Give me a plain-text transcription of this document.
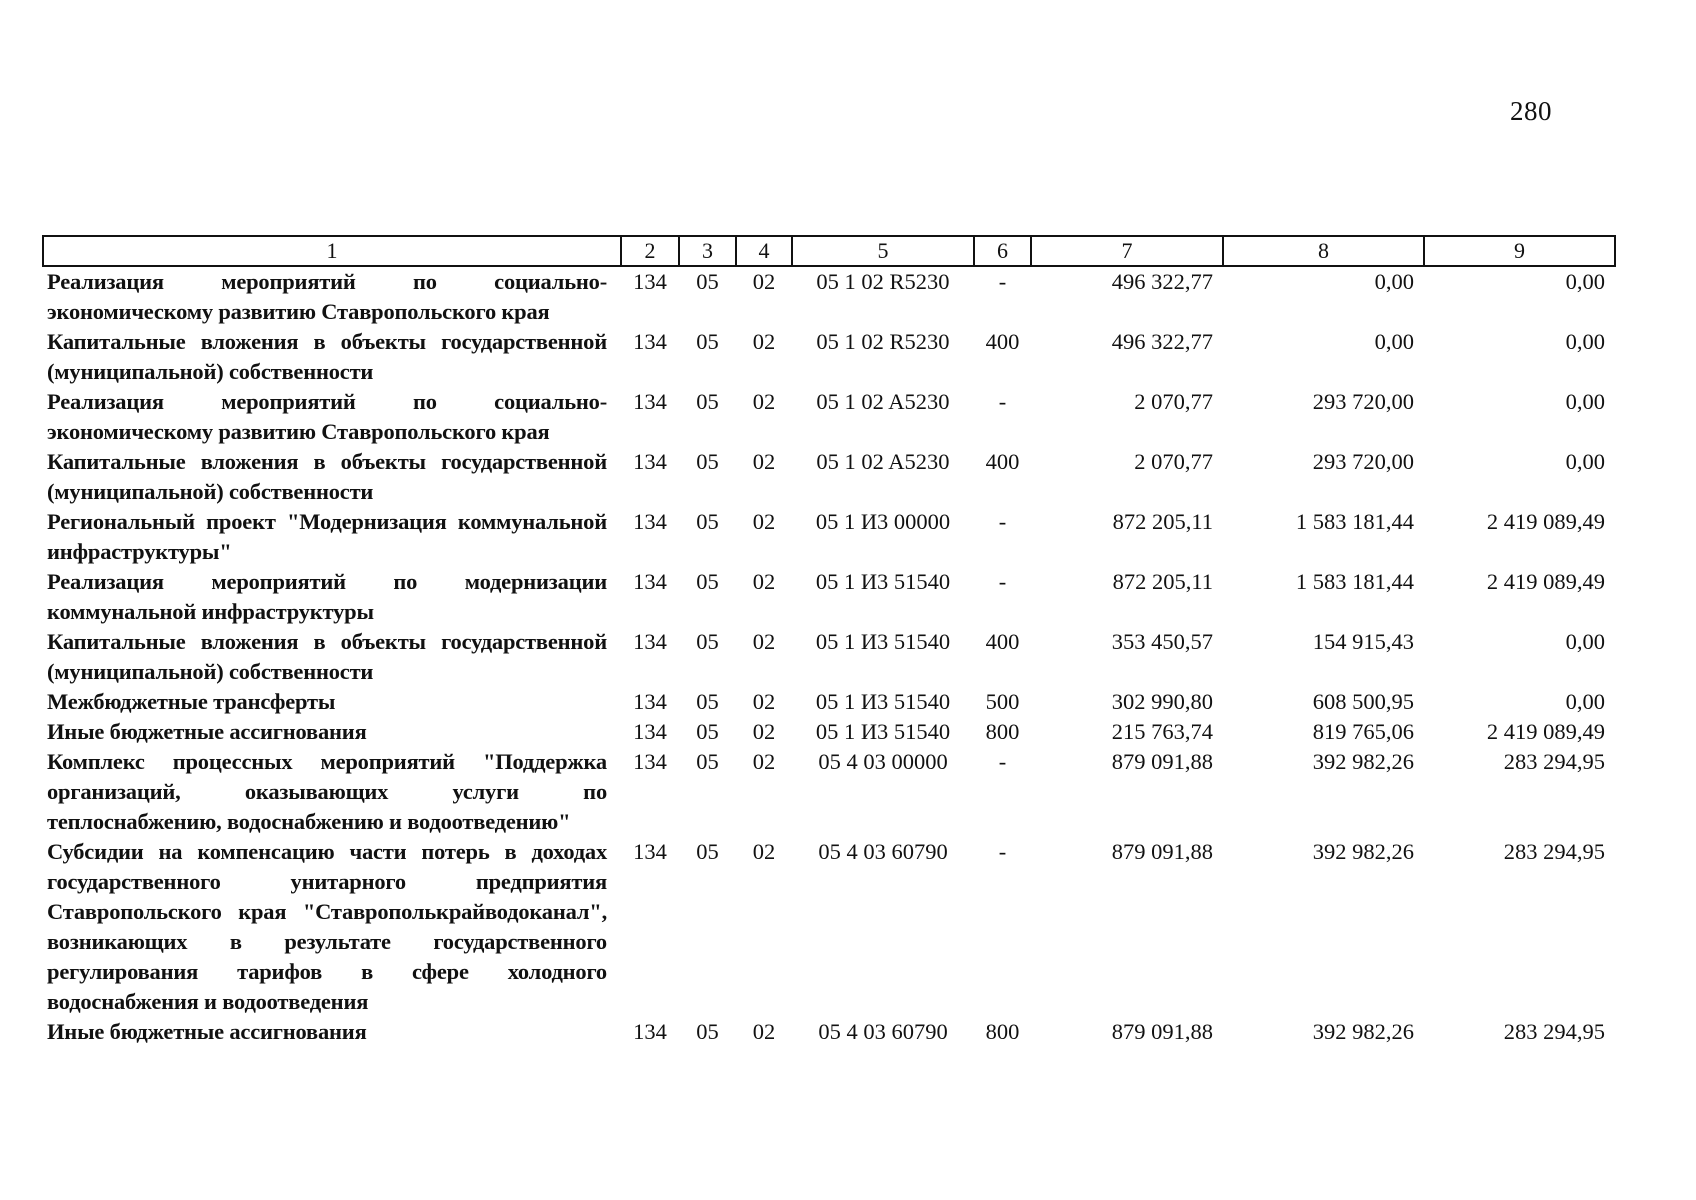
280
1	2	3	4	5	6	7	8	9
Реализация мероприятий по социально-экономическому развитию Ставропольского края	134	05	02	05 1 02 R5230	-	496 322,77	0,00	0,00
Капитальные вложения в объекты государственной (муниципальной) собственности	134	05	02	05 1 02 R5230	400	496 322,77	0,00	0,00
Реализация мероприятий по социально-экономическому развитию Ставропольского края	134	05	02	05 1 02 A5230	-	2 070,77	293 720,00	0,00
Капитальные вложения в объекты государственной (муниципальной) собственности	134	05	02	05 1 02 A5230	400	2 070,77	293 720,00	0,00
Региональный проект "Модернизация коммунальной инфраструктуры"	134	05	02	05 1 И3 00000	-	872 205,11	1 583 181,44	2 419 089,49
Реализация мероприятий по модернизации коммунальной инфраструктуры	134	05	02	05 1 И3 51540	-	872 205,11	1 583 181,44	2 419 089,49
Капитальные вложения в объекты государственной (муниципальной) собственности	134	05	02	05 1 И3 51540	400	353 450,57	154 915,43	0,00
Межбюджетные трансферты	134	05	02	05 1 И3 51540	500	302 990,80	608 500,95	0,00
Иные бюджетные ассигнования	134	05	02	05 1 И3 51540	800	215 763,74	819 765,06	2 419 089,49
Комплекс процессных мероприятий "Поддержка организаций, оказывающих услуги по теплоснабжению, водоснабжению и водоотведению"	134	05	02	05 4 03 00000	-	879 091,88	392 982,26	283 294,95
Субсидии на компенсацию части потерь в доходах государственного унитарного предприятия Ставропольского края "Ставрополькрайводоканал", возникающих в результате государственного регулирования тарифов в сфере холодного водоснабжения и водоотведения	134	05	02	05 4 03 60790	-	879 091,88	392 982,26	283 294,95
Иные бюджетные ассигнования	134	05	02	05 4 03 60790	800	879 091,88	392 982,26	283 294,95
